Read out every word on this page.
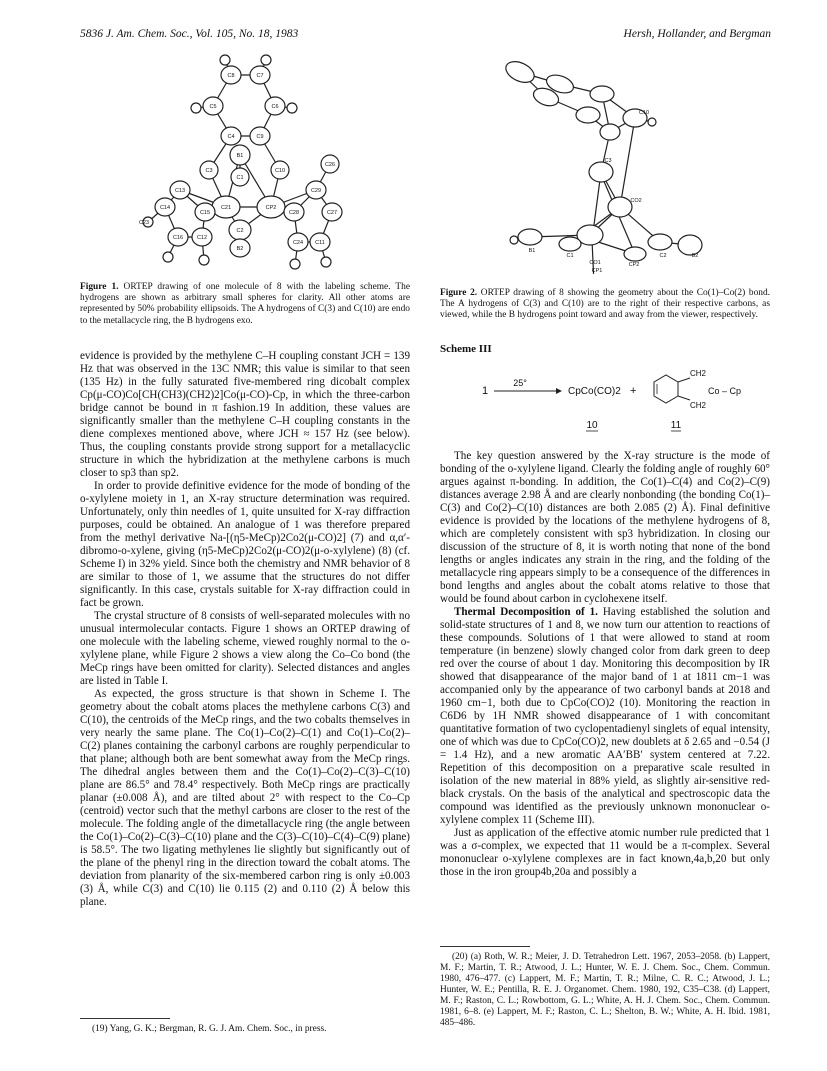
5836 J. Am. Chem. Soc., Vol. 105, No. 18, 1983	Hersh, Hollander, and Bergman
C8	C7
C5	C6
C4	C9
B1
C1
C10
C26
C3
C29
C14
C13
C21
C2
CP2
C27
C15
C12
B2
C28
C16
C11
C24
C23
Figure 1. ORTEP drawing of one molecule of 8 with the labeling scheme. The hydrogens are shown as arbitrary small spheres for clarity. All other atoms are represented by 50% probability ellipsoids. The A hydrogens of C(3) and C(10) are endo to the metallacycle ring, the B hydrogens exo.
C10
C3
CO2
B1
C1	C2	B2
CO1	CP2
CP1
Figure 2. ORTEP drawing of 8 showing the geometry about the Co(1)–Co(2) bond. The A hydrogens of C(3) and C(10) are to the right of their respective carbons, as viewed, while the B hydrogens point toward and away from the viewer, respectively.
Scheme III
1
25°
CpCo(CO)2 +
CH2
CH2
Co – Cp
10	11

evidence is provided by the methylene C–H coupling constant JCH = 139 Hz that was observed in the 13C NMR; this value is similar to that seen (135 Hz) in the fully saturated five-membered ring dicobalt complex Cp(μ-CO)Co[CH(CH3)(CH2)2]Co(μ-CO)-Cp, in which the three-carbon bridge cannot be bound in π fashion.19 In addition, these values are significantly smaller than the methylene C–H coupling constants in the diene complexes mentioned above, where JCH ≈ 157 Hz (see below). Thus, the coupling constants provide strong support for a metallacyclic structure in which the hybridization at the methylene carbons is much closer to sp3 than sp2.

In order to provide definitive evidence for the mode of bonding of the o-xylylene moiety in 1, an X-ray structure determination was required. Unfortunately, only thin needles of 1, quite unsuited for X-ray diffraction purposes, could be obtained. An analogue of 1 was therefore prepared from the methyl derivative Na-[(η5-MeCp)2Co2(μ-CO)2] (7) and α,α′-dibromo-o-xylene, giving (η5-MeCp)2Co2(μ-CO)2(μ-o-xylylene) (8) (cf. Scheme I) in 32% yield. Since both the chemistry and NMR behavior of 8 are similar to those of 1, we assume that the structures do not differ significantly. In this case, crystals suitable for X-ray diffraction could in fact be grown.

The crystal structure of 8 consists of well-separated molecules with no unusual intermolecular contacts. Figure 1 shows an ORTEP drawing of one molecule with the labeling scheme, viewed roughly normal to the o-xylylene plane, while Figure 2 shows a view along the Co–Co bond (the MeCp rings have been omitted for clarity). Selected distances and angles are listed in Table I.

As expected, the gross structure is that shown in Scheme I. The geometry about the cobalt atoms places the methylene carbons C(3) and C(10), the centroids of the MeCp rings, and the two cobalts themselves in very nearly the same plane. The Co(1)–Co(2)–C(1) and Co(1)–Co(2)–C(2) planes containing the carbonyl carbons are roughly perpendicular to that plane; although both are bent somewhat away from the MeCp rings. The dihedral angles between them and the Co(1)–Co(2)–C(3)–C(10) plane are 86.5° and 78.4° respectively. Both MeCp rings are practically planar (±0.008 Å), and are tilted about 2° with respect to the Co–Cp (centroid) vector such that the methyl carbons are closer to the rest of the molecule. The folding angle of the dimetallacycle ring (the angle between the Co(1)–Co(2)–C(3)–C(10) plane and the C(3)–C(10)–C(4)–C(9) plane) is 58.5°. The two ligating methylenes lie slightly but significantly out of the plane of the phenyl ring in the direction toward the cobalt atoms. The deviation from planarity of the six-membered carbon ring is only ±0.003 (3) Å, while C(3) and C(10) lie 0.115 (2) and 0.110 (2) Å below this plane.

(19) Yang, G. K.; Bergman, R. G. J. Am. Chem. Soc., in press.

The key question answered by the X-ray structure is the mode of bonding of the o-xylylene ligand. Clearly the folding angle of roughly 60° argues against π-bonding. In addition, the Co(1)–C(4) and Co(2)–C(9) distances average 2.98 Å and are clearly nonbonding (the bonding Co(1)–C(3) and Co(2)–C(10) distances are both 2.085 (2) Å). Final definitive evidence is provided by the locations of the methylene hydrogens of 8, which are completely consistent with sp3 hybridization. In closing our discussion of the structure of 8, it is worth noting that none of the bond lengths or angles indicates any strain in the ring, and the folding of the metallacycle ring appears simply to be a consequence of the differences in bond lengths and angles about the cobalt atoms relative to those that would be found about carbon in cyclohexene itself.

Thermal Decomposition of 1. Having established the solution and solid-state structures of 1 and 8, we now turn our attention to reactions of these compounds. Solutions of 1 that were allowed to stand at room temperature (in benzene) slowly changed color from dark green to deep red over the course of about 1 day. Monitoring this decomposition by IR showed that disappearance of the major band of 1 at 1811 cm−1 was accompanied only by the appearance of two carbonyl bands at 2018 and 1960 cm−1, both due to CpCo(CO)2 (10). Monitoring the reaction in C6D6 by 1H NMR showed disappearance of 1 with concomitant quantitative formation of two cyclopentadienyl singlets of equal intensity, one of which was due to CpCo(CO)2, new doublets at δ 2.65 and −0.54 (J = 1.4 Hz), and a new aromatic AA′BB′ system centered at 7.22. Repetition of this decomposition on a preparative scale resulted in isolation of the new material in 88% yield, as slightly air-sensitive red-black crystals. On the basis of the analytical and spectroscopic data the compound was identified as the previously unknown mononuclear o-xylylene complex 11 (Scheme III).

Just as application of the effective atomic number rule predicted that 1 was a σ-complex, we expected that 11 would be a π-complex. Several mononuclear o-xylylene complexes are in fact known,4a,b,20 but only those in the iron group4b,20a and possibly a

(20) (a) Roth, W. R.; Meier, J. D. Tetrahedron Lett. 1967, 2053–2058. (b) Lappert, M. F.; Martin, T. R.; Atwood, J. L.; Hunter, W. E. J. Chem. Soc., Chem. Commun. 1980, 476–477. (c) Lappert, M. F.; Martin, T. R.; Milne, C. R. C.; Atwood, J. L.; Hunter, W. E.; Pentilla, R. E. J. Organomet. Chem. 1980, 192, C35–C38. (d) Lappert, M. F.; Raston, C. L.; Rowbottom, G. L.; White, A. H. J. Chem. Soc., Chem. Commun. 1981, 6–8. (e) Lappert, M. F.; Raston, C. L.; Shelton, B. W.; White, A. H. Ibid. 1981, 485–486.
